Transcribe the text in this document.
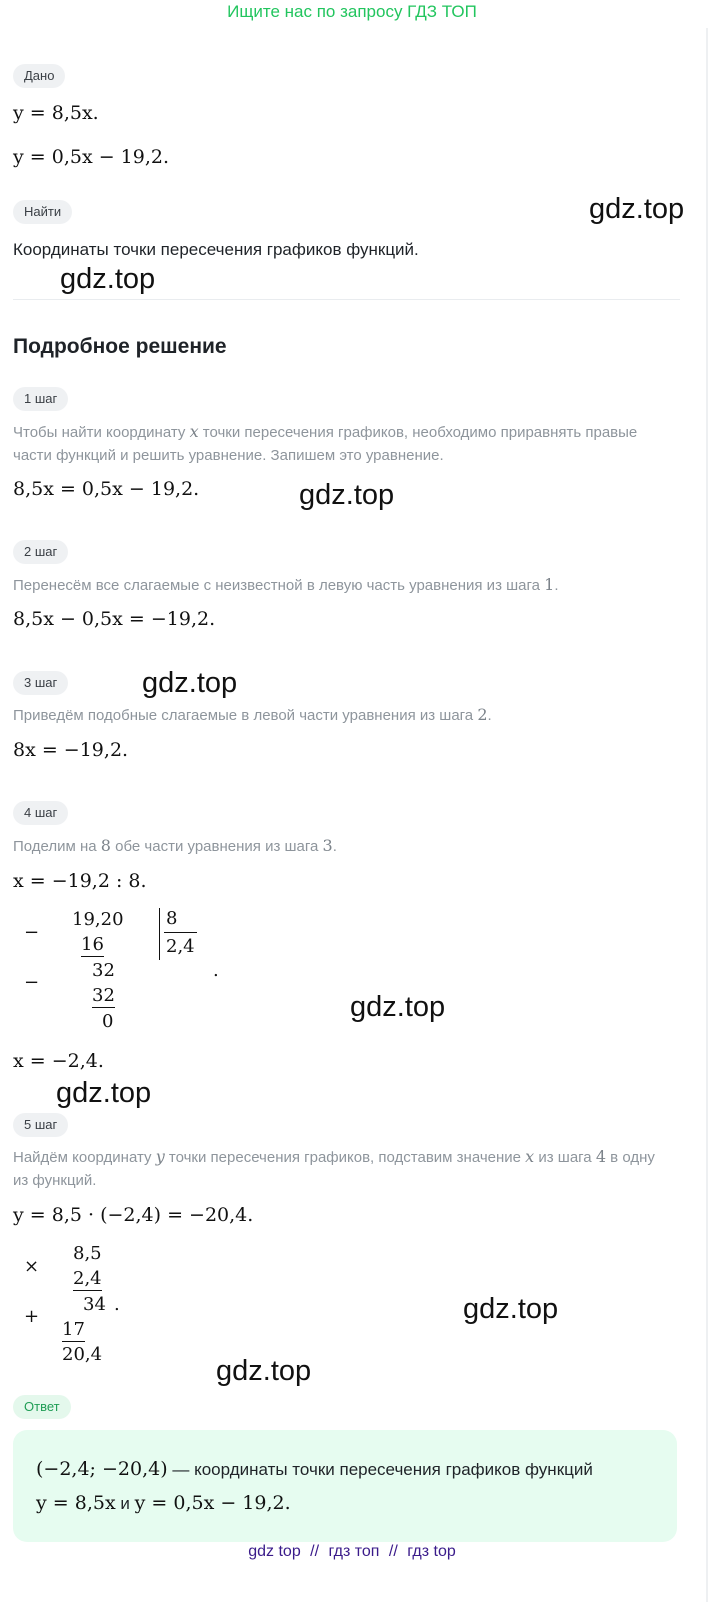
Ищите нас по запросу ГДЗ ТОП
Дано
y = 8,5x.
y = 0,5x − 19,2.
Найти
Координаты точки пересечения графиков функций.
Подробное решение
1 шаг
Чтобы найти координату x точки пересечения графиков, необходимо приравнять правые части функций и решить уравнение. Запишем это уравнение.
8,5x = 0,5x − 19,2.
2 шаг
Перенесём все слагаемые с неизвестной в левую часть уравнения из шага 1.
8,5x − 0,5x = −19,2.
3 шаг
Приведём подобные слагаемые в левой части уравнения из шага 2.
8x = −19,2.
4 шаг
Поделим на 8 обе части уравнения из шага 3.
x = −19,2 : 8.
−
19,20
16
−
32
32
0
8
2,4
.
x = −2,4.
5 шаг
Найдём координату y точки пересечения графиков, подставим значение x из шага 4 в одну из функций.
y = 8,5 · (−2,4) = −20,4.
×
8,5
2,4
34 .
+
17
20,4
Ответ
(−2,4; −20,4) — координаты точки пересечения графиков функций
y = 8,5x и y = 0,5x − 19,2.
gdz.top
gdz.top
gdz.top
gdz.top
gdz.top
gdz.top
gdz.top
gdz.top
gdz top // гдз топ // гдз top
